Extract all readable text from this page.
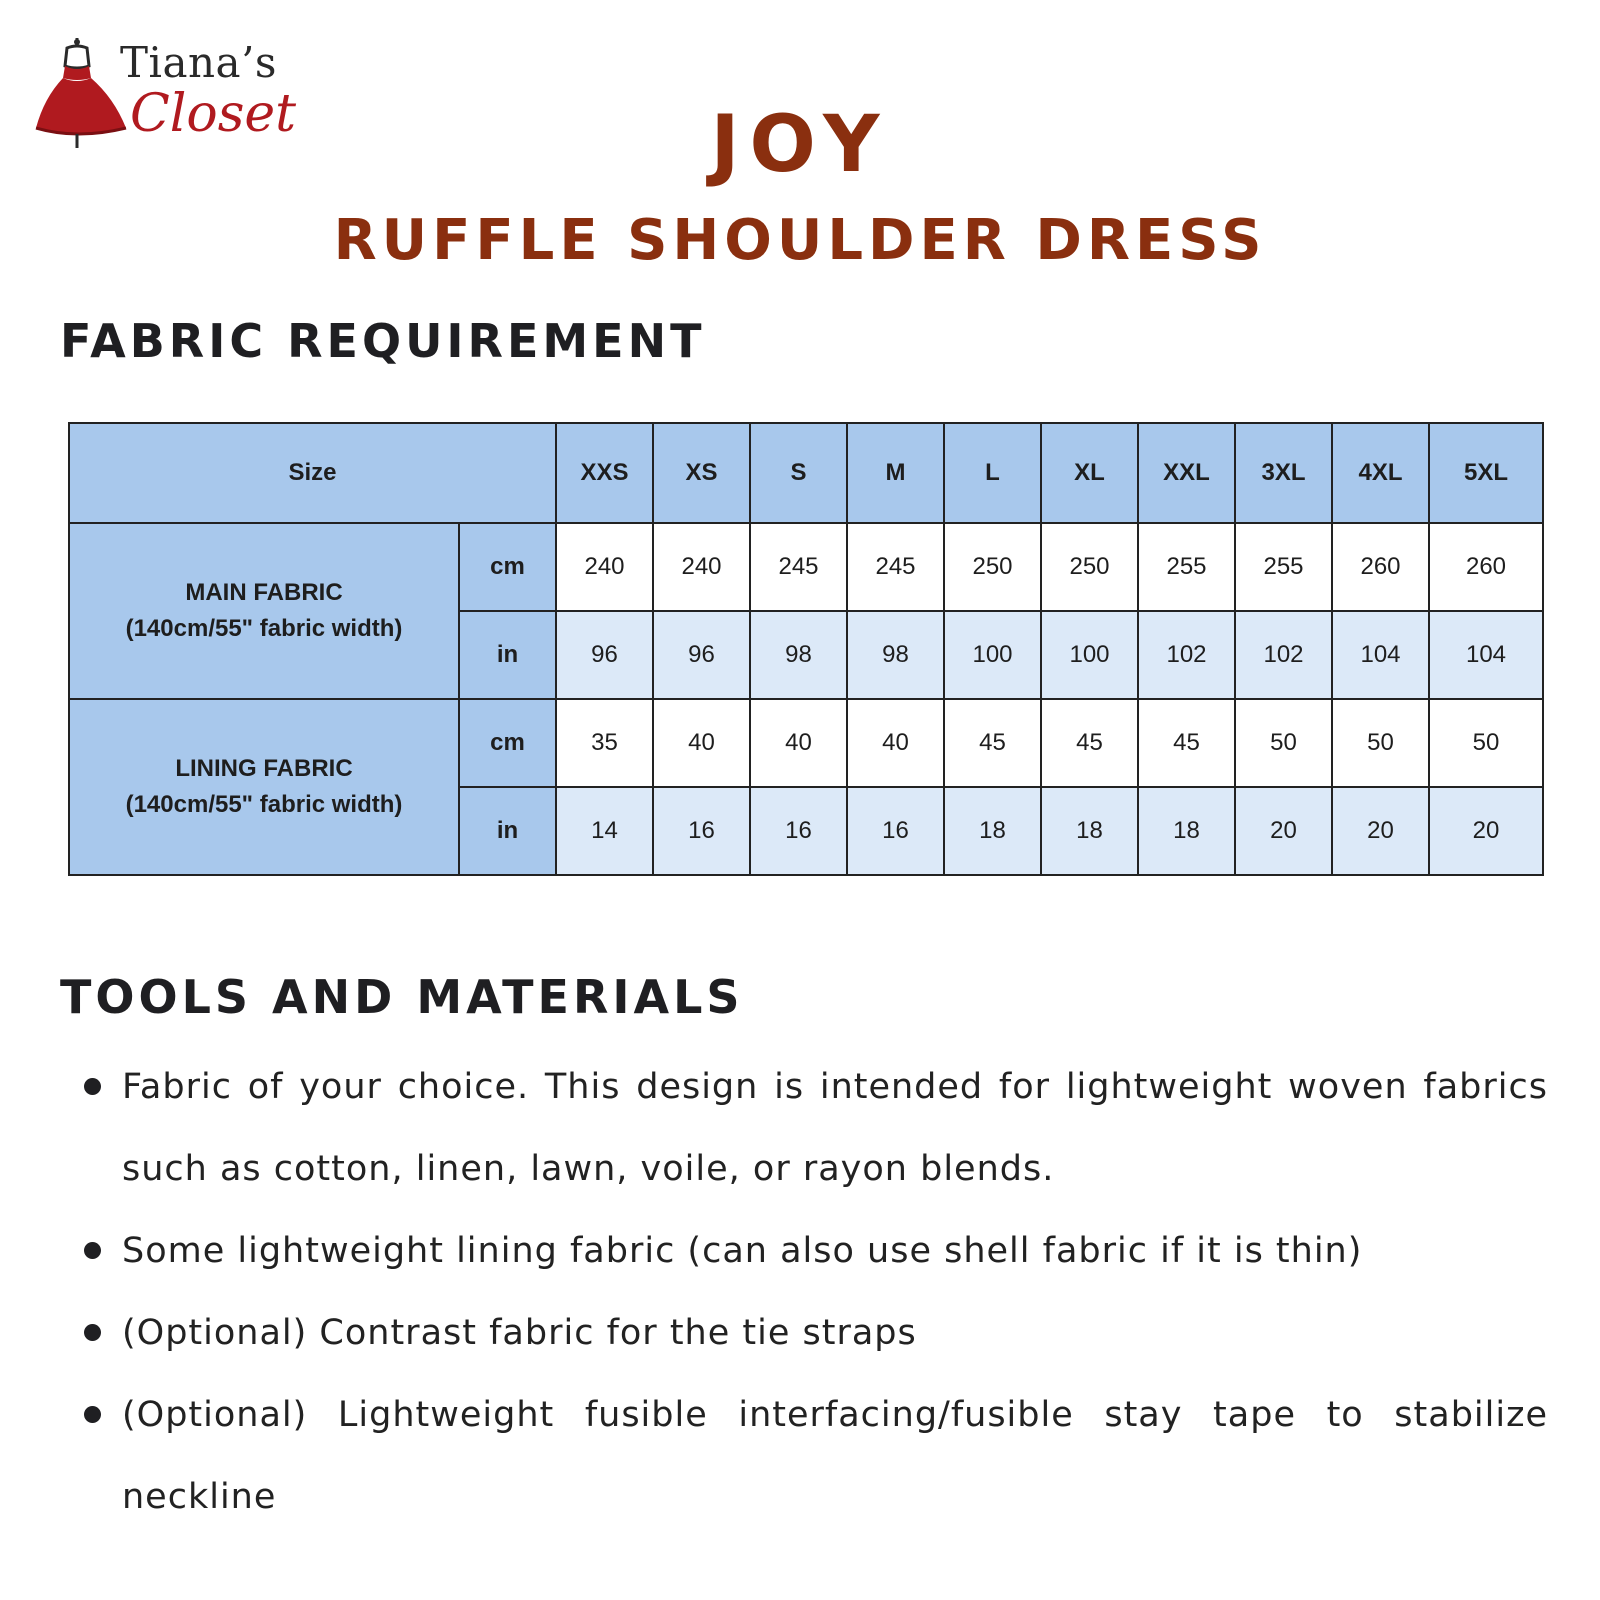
Tiana’s
Closet	JOY
RUFFLE SHOULDER DRESS
FABRIC REQUIREMENT
Size		XXS	XS	S	M	L	XL	XXL	3XL	4XL	5XL

MAIN FABRIC
(140cm/55" fabric width)	cm	240	240	245	245	250	250	255	255	260	260
	in	96	96	98	98	100	100	102	102	104	104

LINING FABRIC
(140cm/55" fabric width)	cm	35	40	40	40	45	45	45	50	50	50
	in	14	16	16	16	18	18	18	20	20	20
TOOLS AND MATERIALS
Fabric of your choice. This design is intended for lightweight woven fabrics such as cotton, linen, lawn, voile, or rayon blends.
Some lightweight lining fabric (can also use shell fabric if it is thin)
(Optional) Contrast fabric for the tie straps
(Optional) Lightweight fusible interfacing/fusible stay tape to stabilize neckline
